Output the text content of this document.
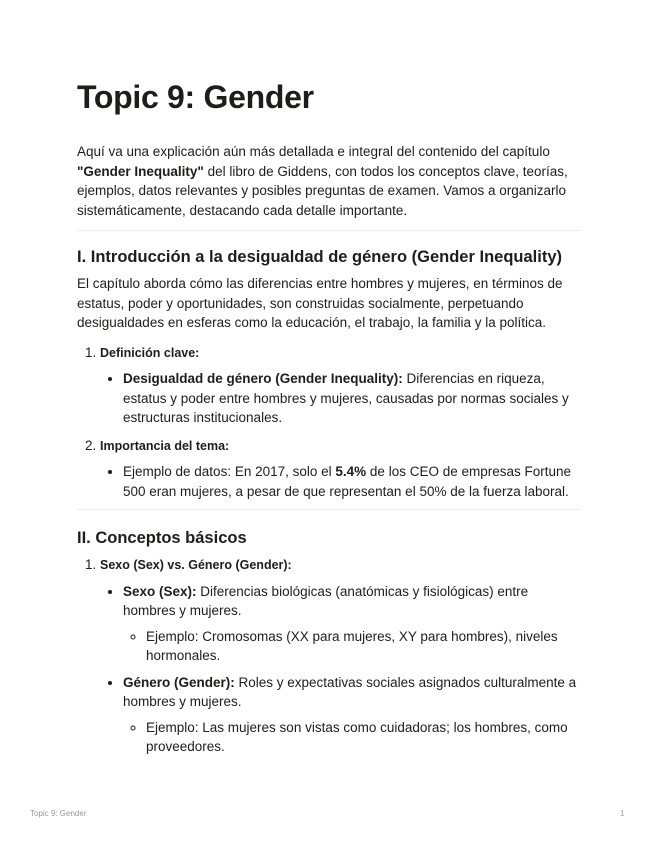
Topic 9: Gender
Aquí va una explicación aún más detallada e integral del contenido del capítulo "Gender Inequality" del libro de Giddens, con todos los conceptos clave, teorías, ejemplos, datos relevantes y posibles preguntas de examen. Vamos a organizarlo sistemáticamente, destacando cada detalle importante.
I. Introducción a la desigualdad de género (Gender Inequality)

El capítulo aborda cómo las diferencias entre hombres y mujeres, en términos de estatus, poder y oportunidades, son construidas socialmente, perpetuando desigualdades en esferas como la educación, el trabajo, la familia y la política.

1. Definición clave:
• Desigualdad de género (Gender Inequality): Diferencias en riqueza, estatus y poder entre hombres y mujeres, causadas por normas sociales y estructuras institucionales.
2. Importancia del tema:
• Ejemplo de datos: En 2017, solo el 5.4% de los CEO de empresas Fortune 500 eran mujeres, a pesar de que representan el 50% de la fuerza laboral.
II. Conceptos básicos
1. Sexo (Sex) vs. Género (Gender):
• Sexo (Sex): Diferencias biológicas (anatómicas y fisiológicas) entre hombres y mujeres.
◦ Ejemplo: Cromosomas (XX para mujeres, XY para hombres), niveles hormonales.
• Género (Gender): Roles y expectativas sociales asignados culturalmente a hombres y mujeres.
◦ Ejemplo: Las mujeres son vistas como cuidadoras; los hombres, como proveedores.
Topic 9: Gender	1
